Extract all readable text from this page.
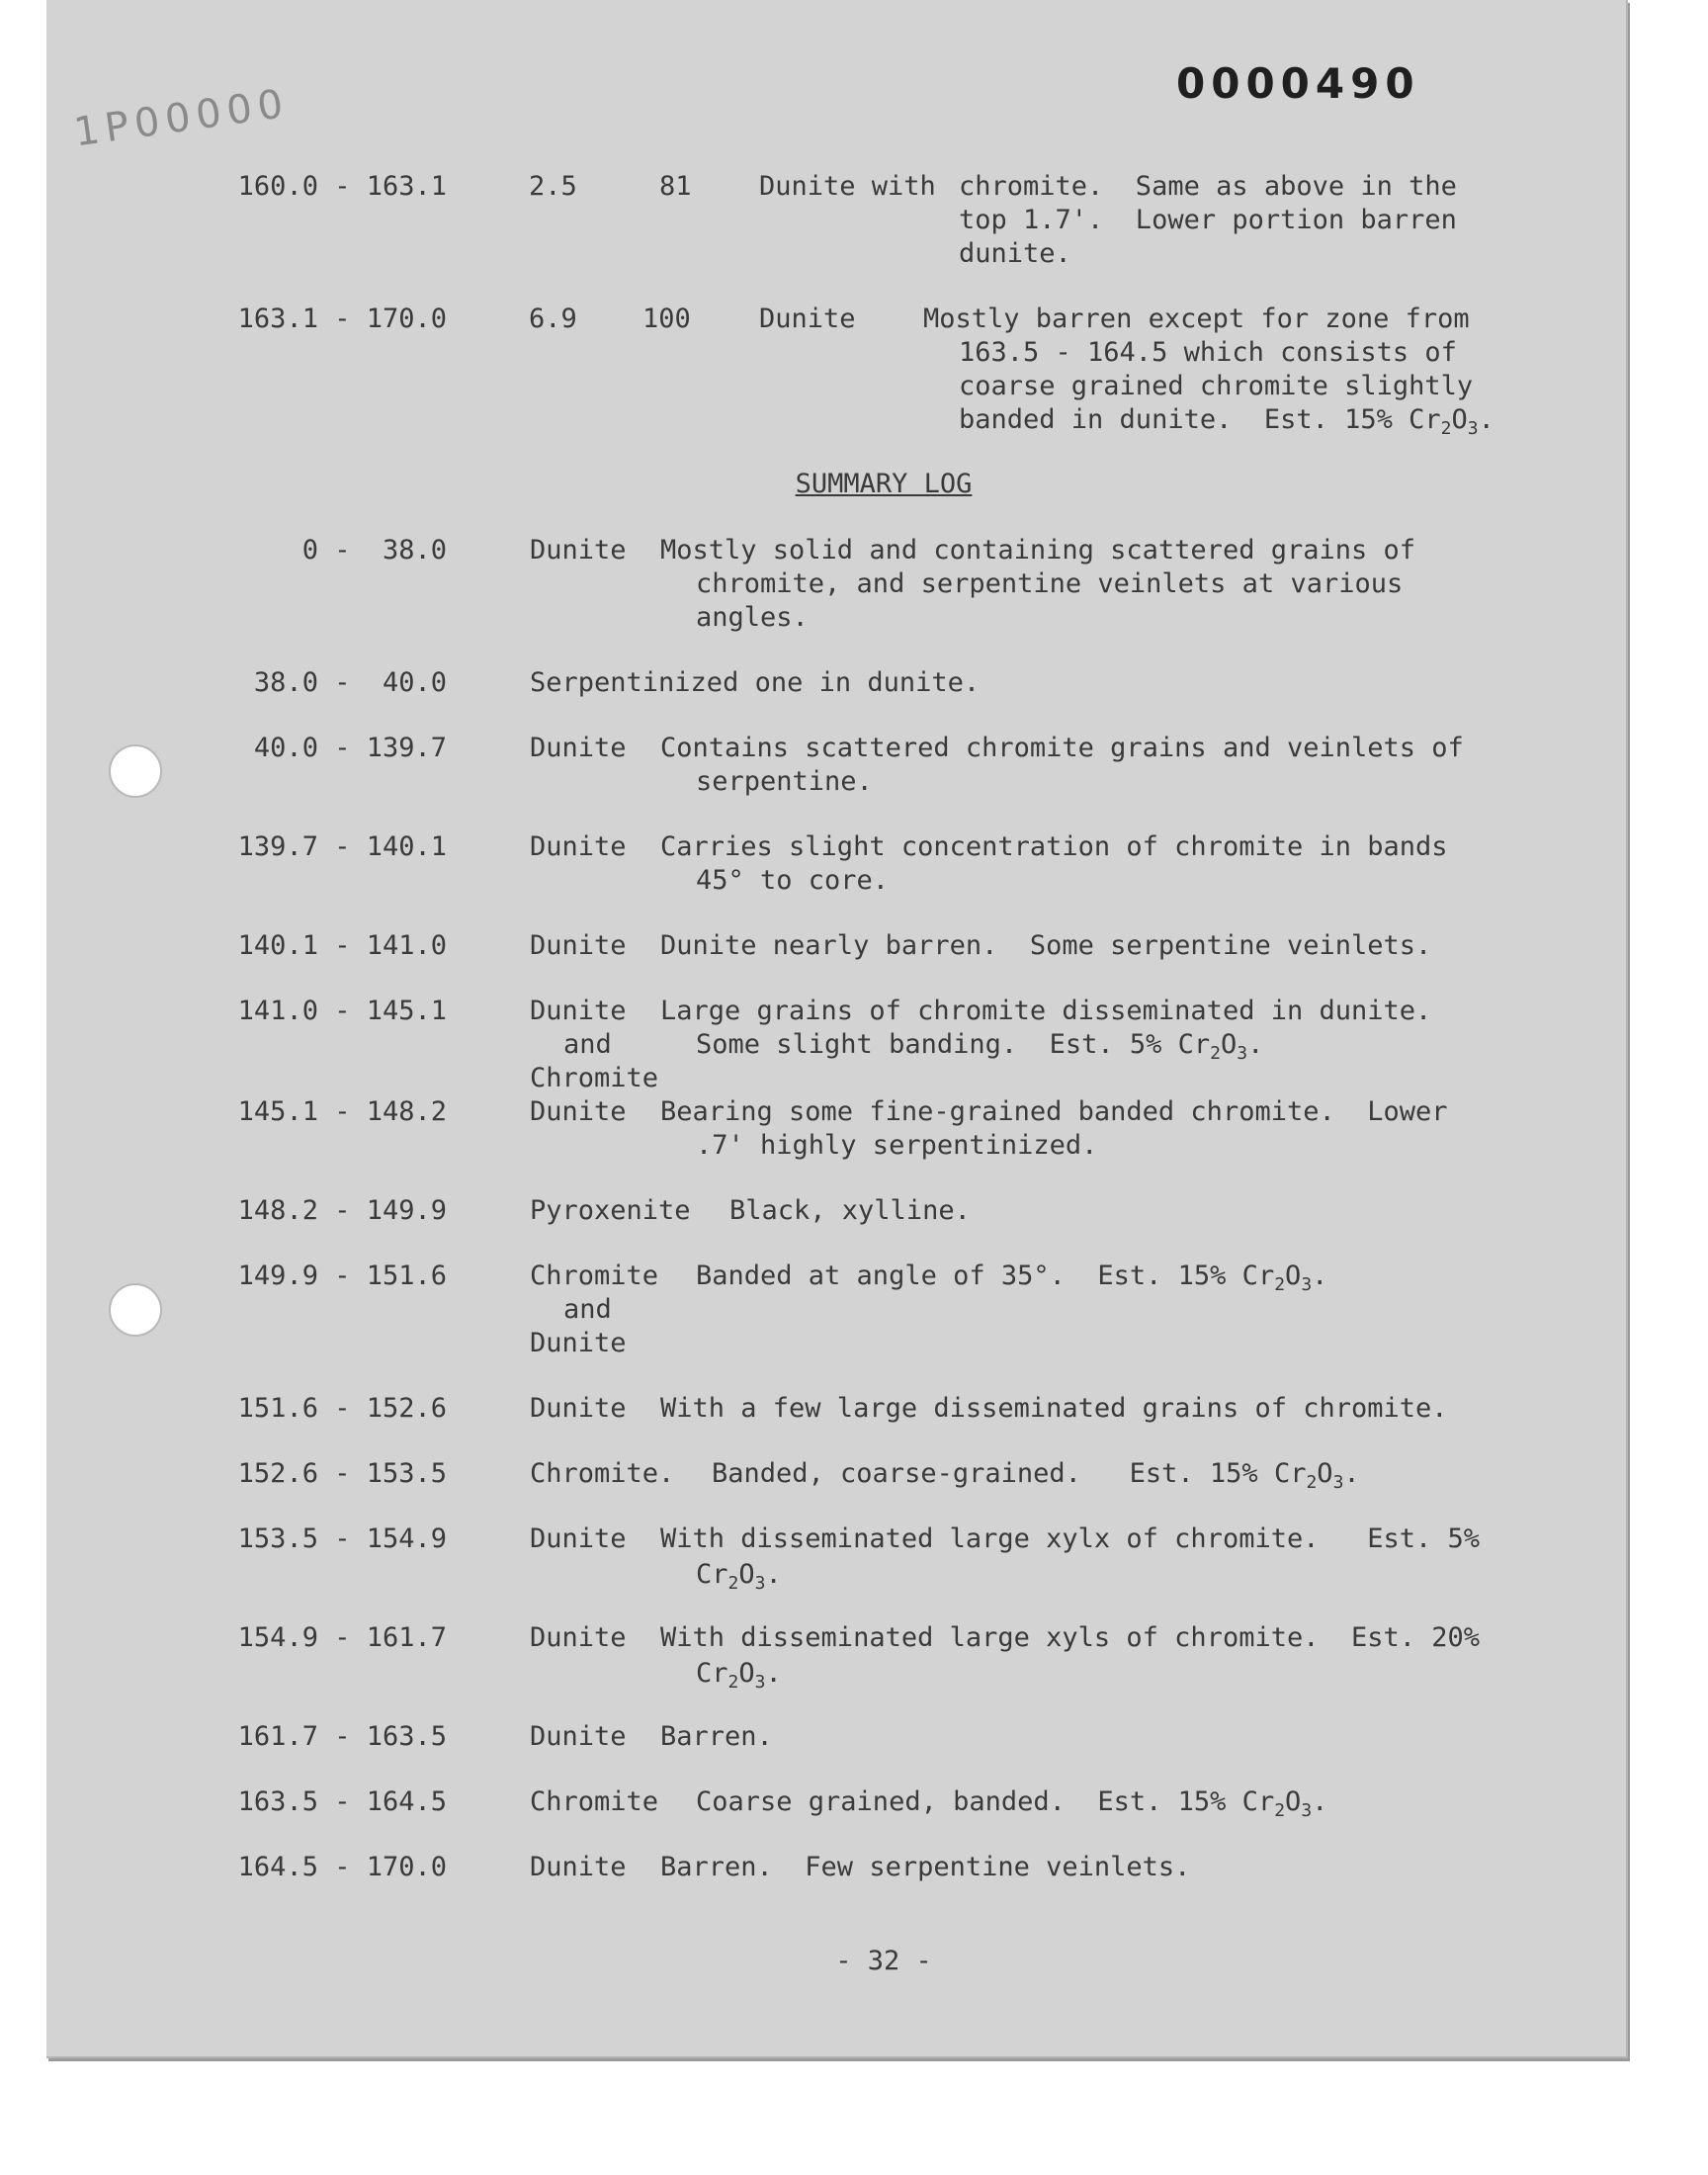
0000490
1P00000
160.0 - 163.1	2.5	81	Dunite with chromite.  Same as above in the
top 1.7'.  Lower portion barren
dunite.
163.1 - 170.0	6.9 100	Dunite	Mostly barren except for zone from
163.5 - 164.5 which consists of
coarse grained chromite slightly
banded in dunite.  Est. 15% $Cr_2O_3$.
SUMMARY LOG
0 -  38.0	Dunite Mostly solid and containing scattered grains of
chromite, and serpentine veinlets at various
angles.
38.0 -  40.0	Serpentinized one in dunite.
40.0 - 139.7	Dunite Contains scattered chromite grains and veinlets of
serpentine.
139.7 - 140.1	Dunite Carries slight concentration of chromite in bands
45° to core.
140.1 - 141.0	Dunite Dunite nearly barren.  Some serpentine veinlets.
141.0 - 145.1	Dunite
and
Chromite
Large grains of chromite disseminated in dunite.
Some slight banding.  Est. 5% $Cr_2O_3$.
145.1 - 148.2	Dunite Bearing some fine-grained banded chromite.  Lower
.7' highly serpentinized.
148.2 - 149.9	Pyroxenite Black, xylline.
149.9 - 151.6	Chromite
and
Dunite
Banded at angle of 35°.  Est. 15% $Cr_2O_3$.
151.6 - 152.6	Dunite With a few large disseminated grains of chromite.
152.6 - 153.5	Chromite. Banded, coarse-grained.   Est. 15% $Cr_2O_3$.
153.5 - 154.9	Dunite With disseminated large xylx of chromite.   Est. 5%
$Cr_2O_3$.
154.9 - 161.7	Dunite With disseminated large xyls of chromite.  Est. 20%
$Cr_2O_3$.
161.7 - 163.5	Dunite Barren.
163.5 - 164.5	Chromite Coarse grained, banded.  Est. 15% $Cr_2O_3$.
164.5 - 170.0	Dunite Barren.  Few serpentine veinlets.
- 32 -
